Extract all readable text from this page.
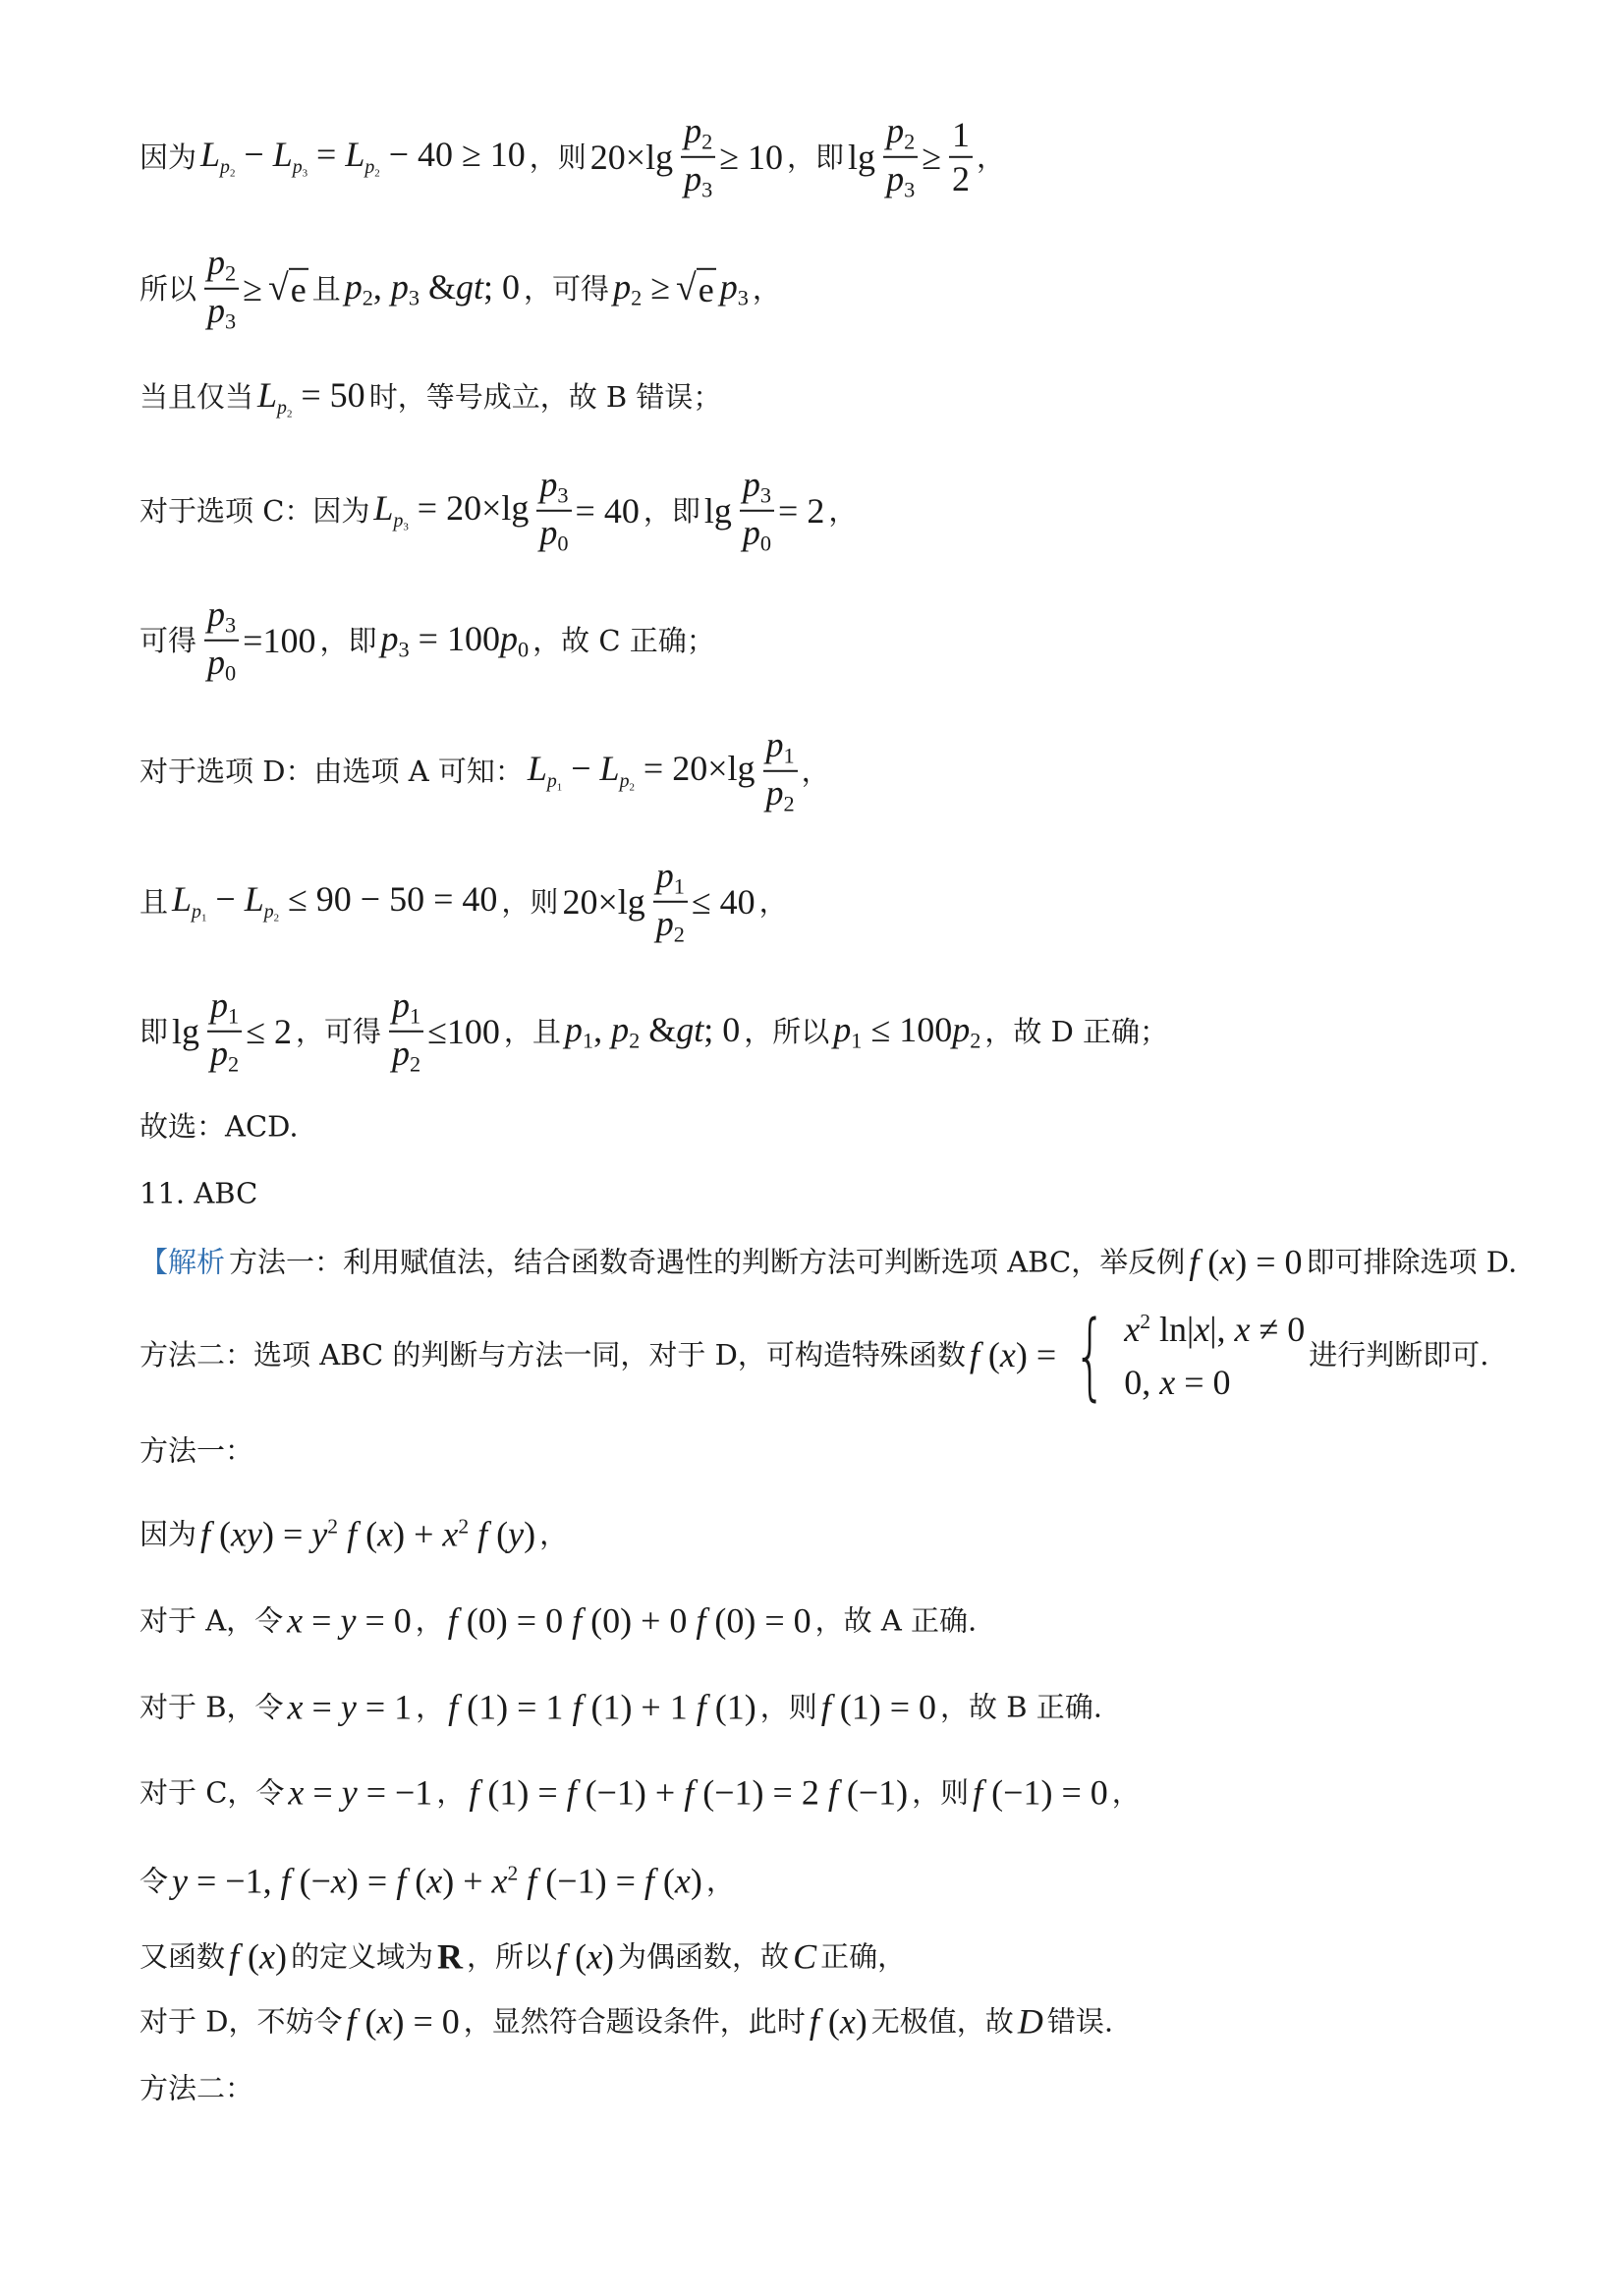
因为 $L_{p_2} - L_{p_3} = L_{p_2} - 40 \ge 10$ ，则 $20\times\lg \frac{p2}{p3} \ge 10$ ，即 $\lg \frac{p2}{p3} \ge \frac{1}{2}$ ，
所以 $\frac{p2}{p3}$ ≥ √ e 且 p2, p3 &gt; 0 ，可得 p2 ≥ √ e p3 ，
当且仅当 $L_{p_2} = 50$ 时，等号成立，故 B 错误；
对于选项 C：因为 $L_{p_3} = 20\times\lg \frac{p3}{p0} = 40$ ，即 $\lg \frac{p3}{p0} = 2$ ，
可得 $\frac{p3}{p0} =100$ ，即 p3 = 100p0 ，故 C 正确；
对于选项 D：由选项 A 可知： $L_{p_1} - L_{p_2} = 20\times\lg \frac{p1}{p2}$ ，
且 $L_{p_1} - L_{p_2} \le 90 - 50 = 40$ ，则 $20\times\lg \frac{p1}{p2} \le 40$ ，
即 $\lg \frac{p1}{p2} \le 2$ ，可得 $\frac{p1}{p2} \le 100$ ，且 p1, p2 &gt; 0 ，所以 p1 ≤ 100p2 ，故 D 正确；
故选：ACD.
11. ABC
【解析 方法一：利用赋值法，结合函数奇遇性的判断方法可判断选项 ABC，举反例 f (x) = 0 即可排除选项 D.
方法二：选项 ABC 的判断与方法一同，对于 D，可构造特殊函数 f (x) = { $x^2$ ln|x|, x ≠ 0
0, x = 0
进行判断即可.
方法一：
因为 f $(xy) = y^2$ f $(x) + x^2$ f (y) ，
对于 A，令 x = y = 0 ， f (0) = 0 f (0) + 0 f (0) = 0 ，故 A 正确.
对于 B，令 x = y = 1 ， f (1) = 1 f (1) + 1 f (1) ，则 f (1) = 0 ，故 B 正确.
对于 C，令 x = y = −1 ， f (1) = f (−1) + f (−1) = 2 f (−1) ，则 f (−1) = 0 ，
令 y = −1, f (−x) = f $(x) + x^2$ f (−1) = f (x) ，
又函数 f (x) 的定义域为 R ，所以 f (x) 为偶函数，故 C 正确，
对于 D，不妨令 f (x) = 0 ，显然符合题设条件，此时 f (x) 无极值，故 D 错误.
方法二：
